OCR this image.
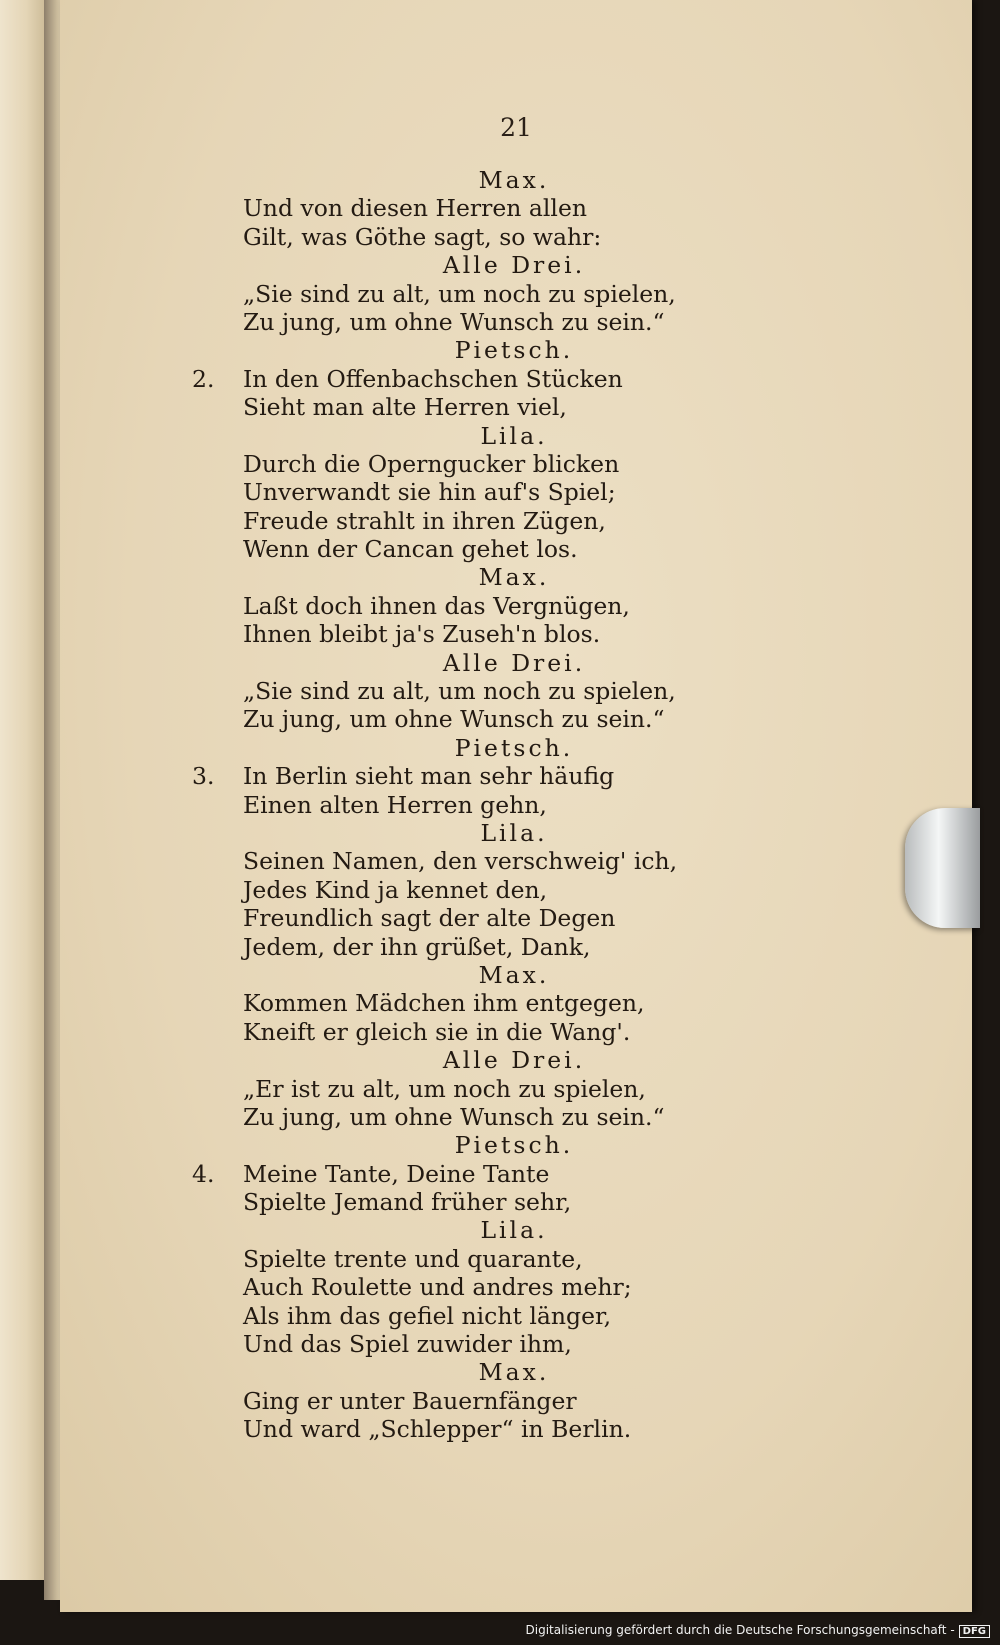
21
Max.
Und von diesen Herren allen
Gilt, was Göthe sagt, so wahr:
Alle Drei.
„Sie sind zu alt, um noch zu spielen,
Zu jung, um ohne Wunsch zu sein.“
Pietsch.
2. In den Offenbachschen Stücken
Sieht man alte Herren viel,
Lila.
Durch die Operngucker blicken
Unverwandt sie hin auf's Spiel;
Freude strahlt in ihren Zügen,
Wenn der Cancan gehet los.
Max.
Laßt doch ihnen das Vergnügen,
Ihnen bleibt ja's Zuseh'n blos.
Alle Drei.
„Sie sind zu alt, um noch zu spielen,
Zu jung, um ohne Wunsch zu sein.“
Pietsch.
3. In Berlin sieht man sehr häufig
Einen alten Herren gehn,
Lila.
Seinen Namen, den verschweig' ich,
Jedes Kind ja kennet den,
Freundlich sagt der alte Degen
Jedem, der ihn grüßet, Dank,
Max.
Kommen Mädchen ihm entgegen,
Kneift er gleich sie in die Wang'.
Alle Drei.
„Er ist zu alt, um noch zu spielen,
Zu jung, um ohne Wunsch zu sein.“
Pietsch.
4. Meine Tante, Deine Tante
Spielte Jemand früher sehr,
Lila.
Spielte trente und quarante,
Auch Roulette und andres mehr;
Als ihm das gefiel nicht länger,
Und das Spiel zuwider ihm,
Max.
Ging er unter Bauernfänger
Und ward „Schlepper“ in Berlin.
Digitalisierung gefördert durch die Deutsche Forschungsgemeinschaft - DFG
